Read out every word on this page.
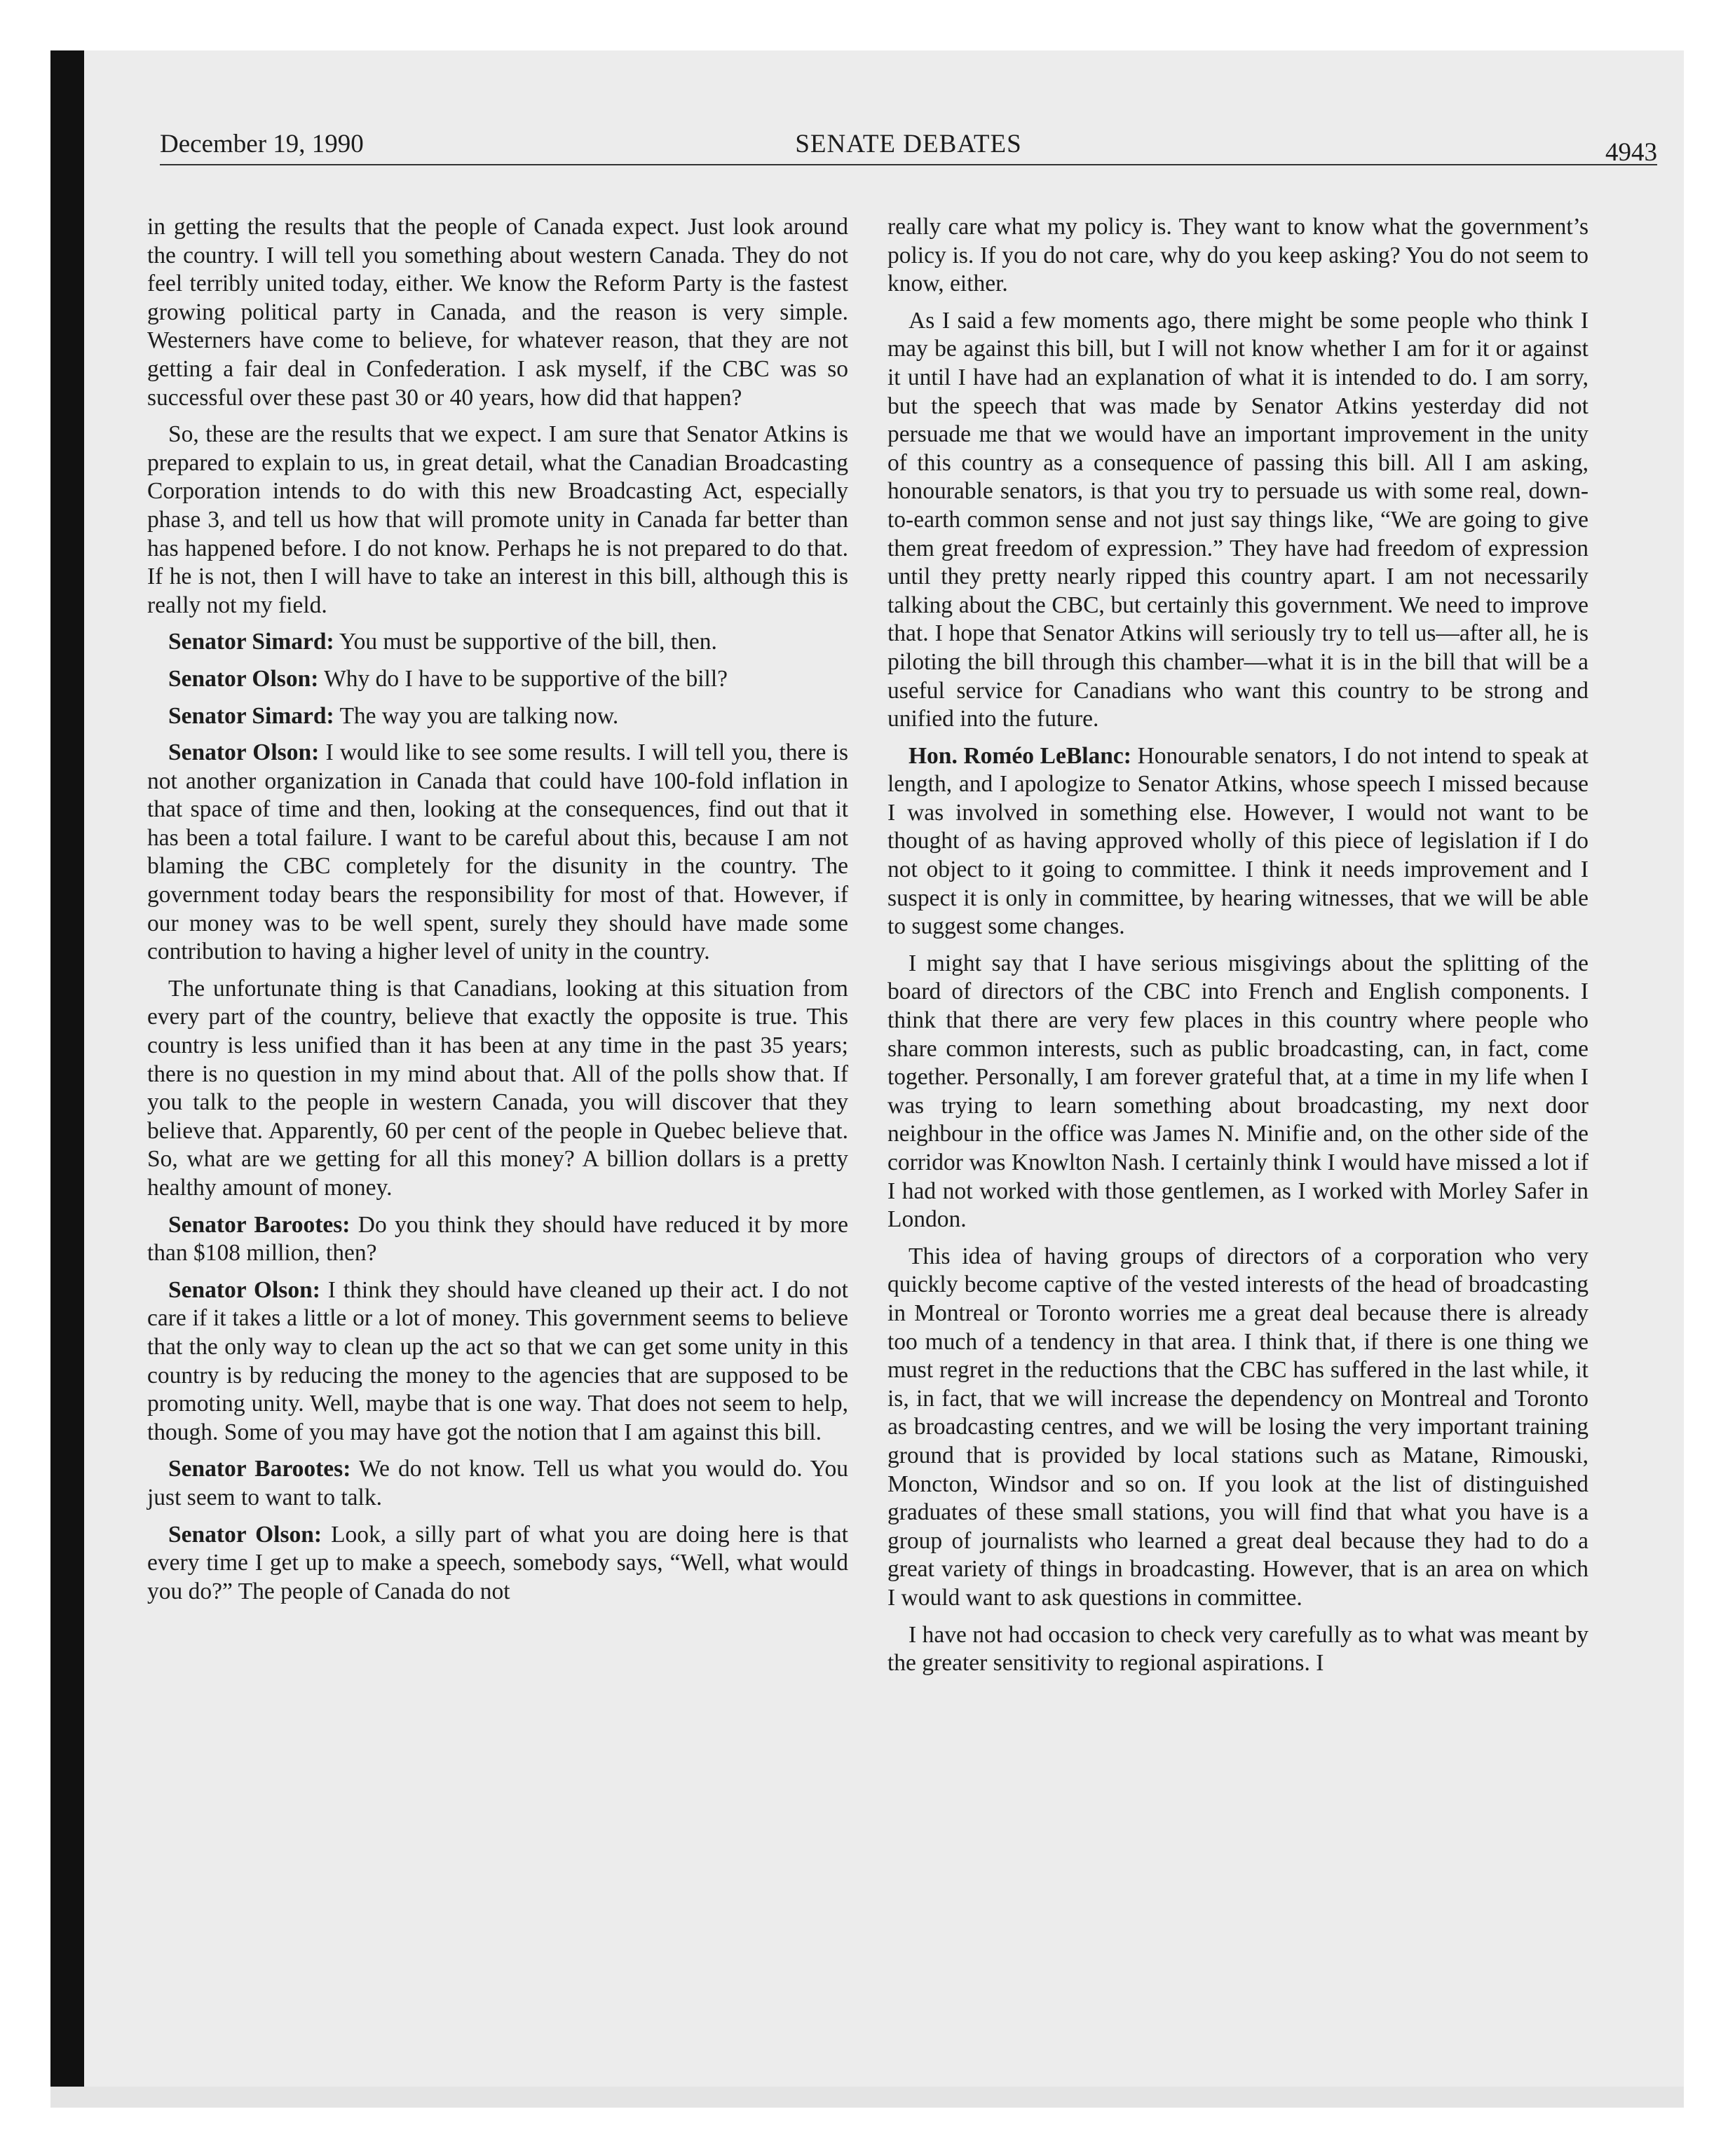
December 19, 1990	SENATE DEBATES	4943

in getting the results that the people of Canada expect. Just look around the country. I will tell you something about western Canada. They do not feel terribly united today, either. We know the Reform Party is the fastest growing political party in Canada, and the reason is very simple. Westerners have come to believe, for whatever reason, that they are not getting a fair deal in Confederation. I ask myself, if the CBC was so successful over these past 30 or 40 years, how did that happen?

So, these are the results that we expect. I am sure that Senator Atkins is prepared to explain to us, in great detail, what the Canadian Broadcasting Corporation intends to do with this new Broadcasting Act, especially phase 3, and tell us how that will promote unity in Canada far better than has happened before. I do not know. Perhaps he is not prepared to do that. If he is not, then I will have to take an interest in this bill, although this is really not my field.

Senator Simard: You must be supportive of the bill, then.

Senator Olson: Why do I have to be supportive of the bill?

Senator Simard: The way you are talking now.

Senator Olson: I would like to see some results. I will tell you, there is not another organization in Canada that could have 100-fold inflation in that space of time and then, looking at the consequences, find out that it has been a total failure. I want to be careful about this, because I am not blaming the CBC completely for the disunity in the country. The government today bears the responsibility for most of that. However, if our money was to be well spent, surely they should have made some contribution to having a higher level of unity in the country.

The unfortunate thing is that Canadians, looking at this situation from every part of the country, believe that exactly the opposite is true. This country is less unified than it has been at any time in the past 35 years; there is no question in my mind about that. All of the polls show that. If you talk to the people in western Canada, you will discover that they believe that. Apparently, 60 per cent of the people in Quebec believe that. So, what are we getting for all this money? A billion dollars is a pretty healthy amount of money.

Senator Barootes: Do you think they should have reduced it by more than $108 million, then?

Senator Olson: I think they should have cleaned up their act. I do not care if it takes a little or a lot of money. This government seems to believe that the only way to clean up the act so that we can get some unity in this country is by reducing the money to the agencies that are supposed to be promoting unity. Well, maybe that is one way. That does not seem to help, though. Some of you may have got the notion that I am against this bill.

Senator Barootes: We do not know. Tell us what you would do. You just seem to want to talk.

Senator Olson: Look, a silly part of what you are doing here is that every time I get up to make a speech, somebody says, “Well, what would you do?” The people of Canada do not

really care what my policy is. They want to know what the government’s policy is. If you do not care, why do you keep asking? You do not seem to know, either.

As I said a few moments ago, there might be some people who think I may be against this bill, but I will not know whether I am for it or against it until I have had an explanation of what it is intended to do. I am sorry, but the speech that was made by Senator Atkins yesterday did not persuade me that we would have an important improvement in the unity of this country as a consequence of passing this bill. All I am asking, honourable senators, is that you try to persuade us with some real, down-to-earth common sense and not just say things like, “We are going to give them great freedom of expression.” They have had freedom of expression until they pretty nearly ripped this country apart. I am not necessarily talking about the CBC, but certainly this government. We need to improve that. I hope that Senator Atkins will seriously try to tell us—after all, he is piloting the bill through this chamber—what it is in the bill that will be a useful service for Canadians who want this country to be strong and unified into the future.

Hon. Roméo LeBlanc: Honourable senators, I do not intend to speak at length, and I apologize to Senator Atkins, whose speech I missed because I was involved in something else. However, I would not want to be thought of as having approved wholly of this piece of legislation if I do not object to it going to committee. I think it needs improvement and I suspect it is only in committee, by hearing witnesses, that we will be able to suggest some changes.

I might say that I have serious misgivings about the splitting of the board of directors of the CBC into French and English components. I think that there are very few places in this country where people who share common interests, such as public broadcasting, can, in fact, come together. Personally, I am forever grateful that, at a time in my life when I was trying to learn something about broadcasting, my next door neighbour in the office was James N. Minifie and, on the other side of the corridor was Knowlton Nash. I certainly think I would have missed a lot if I had not worked with those gentlemen, as I worked with Morley Safer in London.

This idea of having groups of directors of a corporation who very quickly become captive of the vested interests of the head of broadcasting in Montreal or Toronto worries me a great deal because there is already too much of a tendency in that area. I think that, if there is one thing we must regret in the reductions that the CBC has suffered in the last while, it is, in fact, that we will increase the dependency on Montreal and Toronto as broadcasting centres, and we will be losing the very important training ground that is provided by local stations such as Matane, Rimouski, Moncton, Windsor and so on. If you look at the list of distinguished graduates of these small stations, you will find that what you have is a group of journalists who learned a great deal because they had to do a great variety of things in broadcasting. However, that is an area on which I would want to ask questions in committee.

I have not had occasion to check very carefully as to what was meant by the greater sensitivity to regional aspirations. I
